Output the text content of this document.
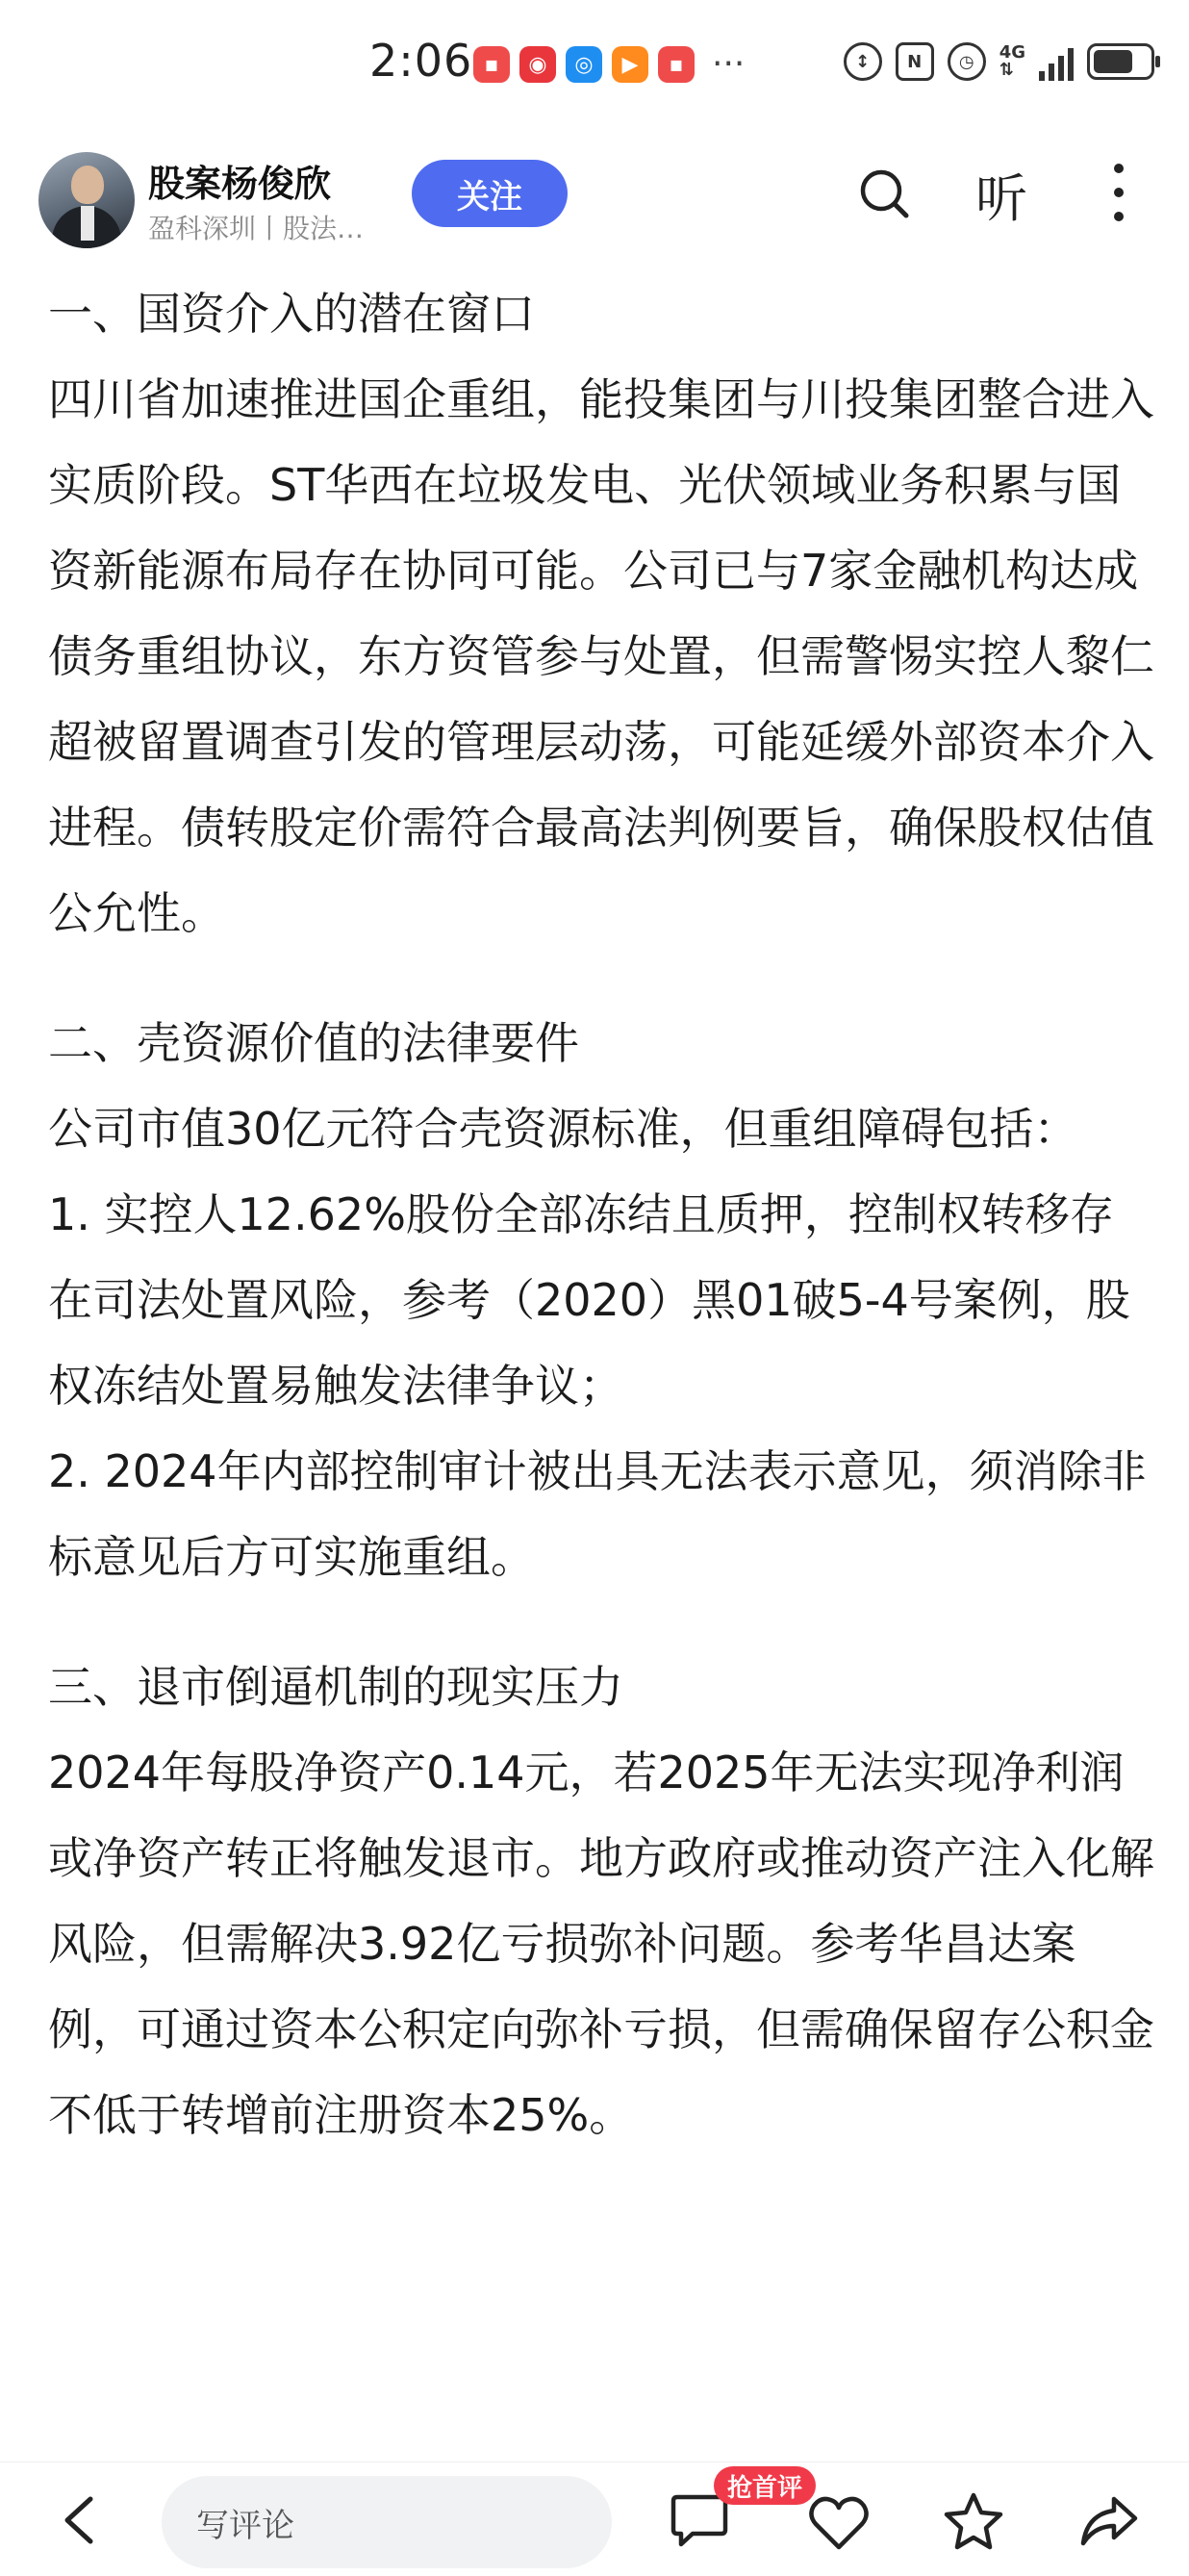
2:06 ▪	◉	◎	▶	▪ ···	↕	N	◷	4G
⇅
股案杨俊欣
盈科深圳丨股法…
关注	听

一、国资介入的潜在窗口

四川省加速推进国企重组，能投集团与川投集团整合进入实质阶段。ST华西在垃圾发电、光伏领域业务积累与国资新能源布局存在协同可能。公司已与7家金融机构达成债务重组协议，东方资管参与处置，但需警惕实控人黎仁超被留置调查引发的管理层动荡，可能延缓外部资本介入进程。债转股定价需符合最高法判例要旨，确保股权估值公允性。

二、壳资源价值的法律要件

公司市值30亿元符合壳资源标准，但重组障碍包括：

1. 实控人12.62%股份全部冻结且质押，控制权转移存在司法处置风险，参考（2020）黑01破5-4号案例，股权冻结处置易触发法律争议；

2. 2024年内部控制审计被出具无法表示意见，须消除非标意见后方可实施重组。

三、退市倒逼机制的现实压力

2024年每股净资产0.14元，若2025年无法实现净利润或净资产转正将触发退市。地方政府或推动资产注入化解风险，但需解决3.92亿亏损弥补问题。参考华昌达案例，可通过资本公积定向弥补亏损，但需确保留存公积金不低于转增前注册资本25%。

写评论
抢首评
